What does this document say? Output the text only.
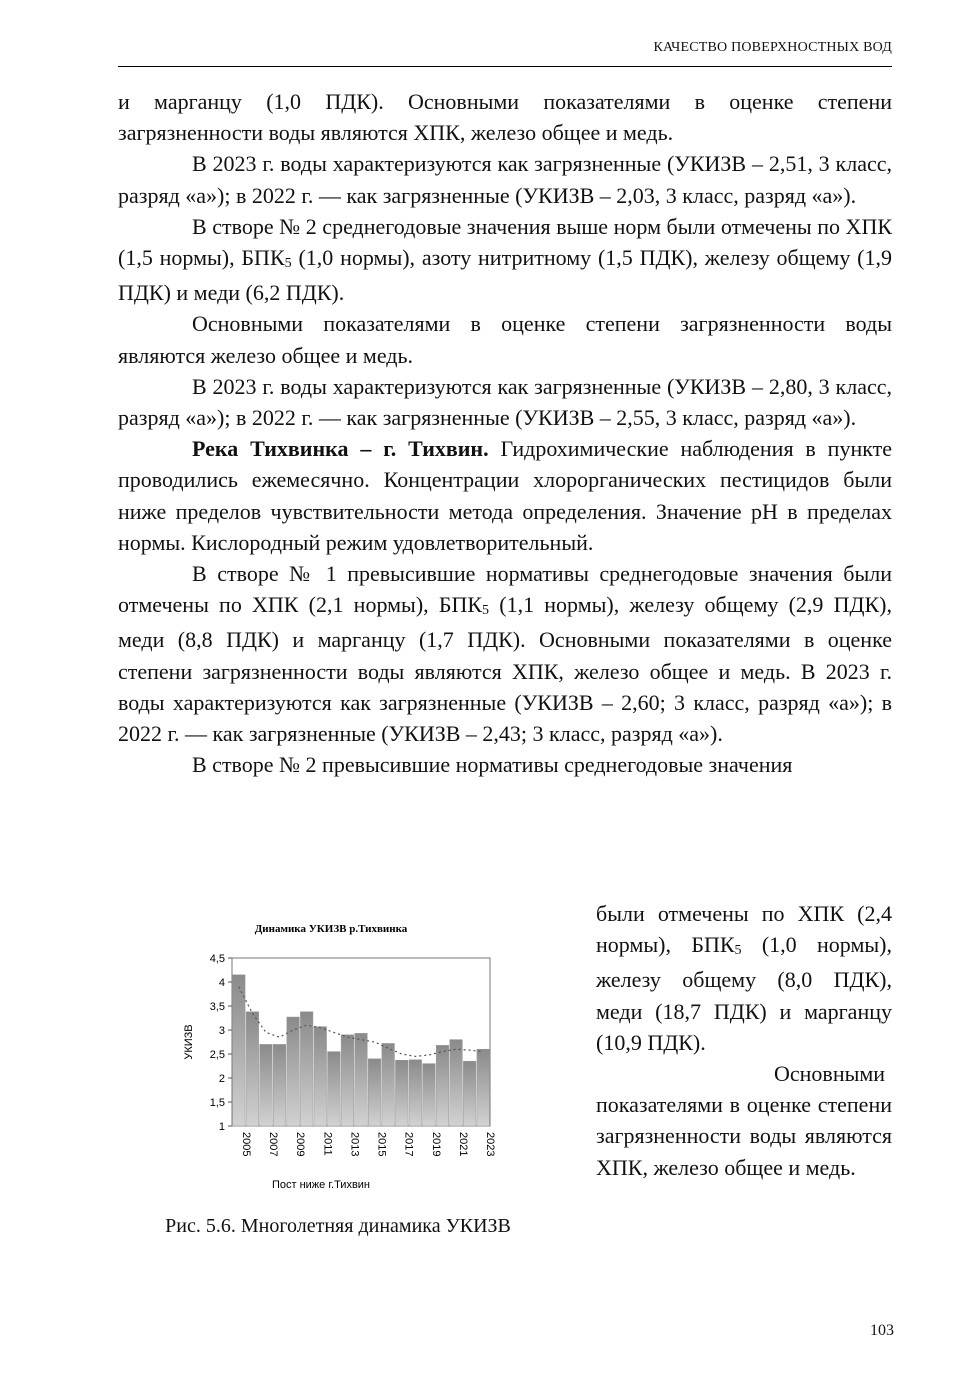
КАЧЕСТВО ПОВЕРХНОСТНЫХ ВОД

и марганцу (1,0 ПДК). Основными показателями в оценке степени загрязненности воды являются ХПК, железо общее и медь.

В 2023 г. воды характеризуются как загрязненные (УКИЗВ – 2,51, 3 класс, разряд «а»); в 2022 г. — как загрязненные (УКИЗВ – 2,03, 3 класс, разряд «а»).

В створе № 2 среднегодовые значения выше норм были отмечены по ХПК (1,5 нормы), $БПК_5$ (1,0 нормы), азоту нитритному (1,5 ПДК), железу общему (1,9 ПДК) и меди (6,2 ПДК).

Основными показателями в оценке степени загрязненности воды являются железо общее и медь.

В 2023 г. воды характеризуются как загрязненные (УКИЗВ – 2,80, 3 класс, разряд «а»); в 2022 г. — как загрязненные (УКИЗВ – 2,55, 3 класс, разряд «а»).

Река Тихвинка – г. Тихвин. Гидрохимические наблюдения в пункте проводились ежемесячно. Концентрации хлорорганических пестицидов были ниже пределов чувствительности метода определения. Значение pH в пределах нормы. Кислородный режим удовлетворительный.

В створе № 1 превысившие нормативы среднегодовые значения были отмечены по ХПК (2,1 нормы), $БПК_5$ (1,1 нормы), железу общему (2,9 ПДК), меди (8,8 ПДК) и марганцу (1,7 ПДК). Основными показателями в оценке степени загрязненности воды являются ХПК, железо общее и медь. В 2023 г. воды характеризуются как загрязненные (УКИЗВ – 2,60; 3 класс, разряд «а»); в 2022 г. — как загрязненные (УКИЗВ – 2,43; 3 класс, разряд «а»).

В створе № 2 превысившие нормативы среднегодовые значения

были отмечены по ХПК (2,4 нормы), $БПК_5$ (1,0 нормы), железу общему (8,0 ПДК), меди (18,7 ПДК) и марганцу (10,9 ПДК).

Основными показателями в оценке степени загрязненности воды являются ХПК, железо общее и медь.

Динамика УКИЗВ р.Тихвинка
1
1,5
2
2,5
3
3,5
4
4,5
УКИЗВ
2005 2007 2009 2011 2013 2015 2017 2019 2021 2023
Пост ниже г.Тихвин
Рис. 5.6. Многолетняя динамика УКИЗВ
103
